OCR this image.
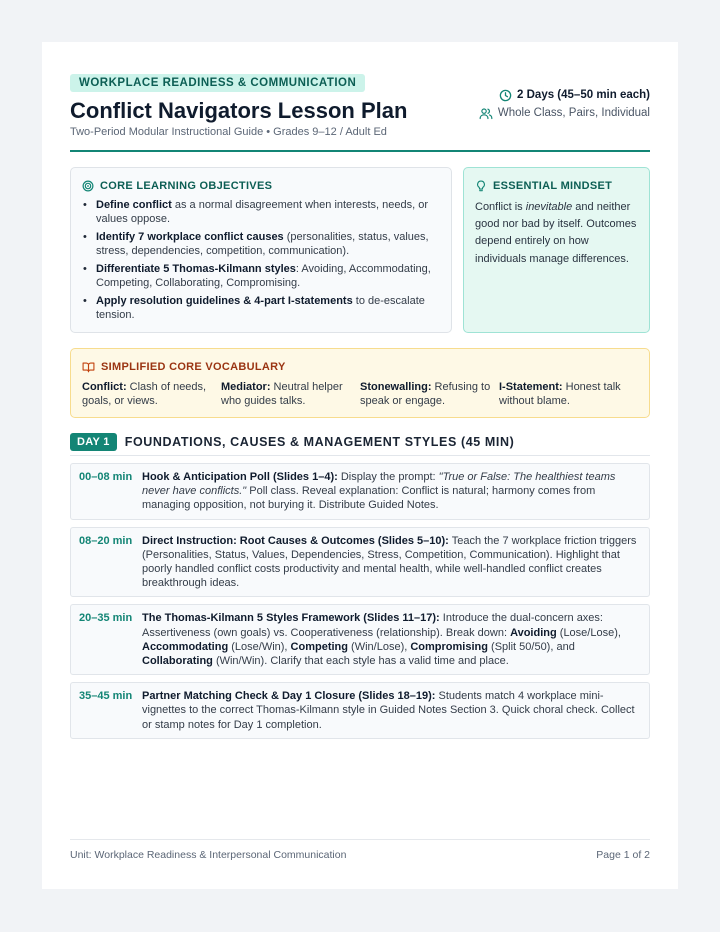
WORKPLACE READINESS & COMMUNICATION
Conflict Navigators Lesson Plan
Two-Period Modular Instructional Guide • Grades 9–12 / Adult Ed
2 Days (45–50 min each)
Whole Class, Pairs, Individual
CORE LEARNING OBJECTIVES
• Define conflict as a normal disagreement when interests, needs, or values oppose.
• Identify 7 workplace conflict causes (personalities, status, values, stress, dependencies, competition, communication).
• Differentiate 5 Thomas-Kilmann styles: Avoiding, Accommodating, Competing, Collaborating, Compromising.
• Apply resolution guidelines & 4-part I-statements to de-escalate tension.
ESSENTIAL MINDSET

Conflict is inevitable and neither good nor bad by itself. Outcomes depend entirely on how individuals manage differences.

SIMPLIFIED CORE VOCABULARY
Conflict: Clash of needs, goals, or views.
Mediator: Neutral helper who guides talks.
Stonewalling: Refusing to speak or engage.
I-Statement: Honest talk without blame.
DAY 1	FOUNDATIONS, CAUSES & MANAGEMENT STYLES (45 MIN)
00–08 min Hook & Anticipation Poll (Slides 1–4): Display the prompt: "True or False: The healthiest teams never have conflicts." Poll class. Reveal explanation: Conflict is natural; harmony comes from managing opposition, not burying it. Distribute Guided Notes.
08–20 min Direct Instruction: Root Causes & Outcomes (Slides 5–10): Teach the 7 workplace friction triggers (Personalities, Status, Values, Dependencies, Stress, Competition, Communication). Highlight that poorly handled conflict costs productivity and mental health, while well-handled conflict creates breakthrough ideas.
20–35 min The Thomas-Kilmann 5 Styles Framework (Slides 11–17): Introduce the dual-concern axes: Assertiveness (own goals) vs. Cooperativeness (relationship). Break down: Avoiding (Lose/Lose), Accommodating (Lose/Win), Competing (Win/Lose), Compromising (Split 50/50), and Collaborating (Win/Win). Clarify that each style has a valid time and place.
35–45 min Partner Matching Check & Day 1 Closure (Slides 18–19): Students match 4 workplace mini-vignettes to the correct Thomas-Kilmann style in Guided Notes Section 3. Quick choral check. Collect or stamp notes for Day 1 completion.
Unit: Workplace Readiness & Interpersonal Communication	Page 1 of 2
